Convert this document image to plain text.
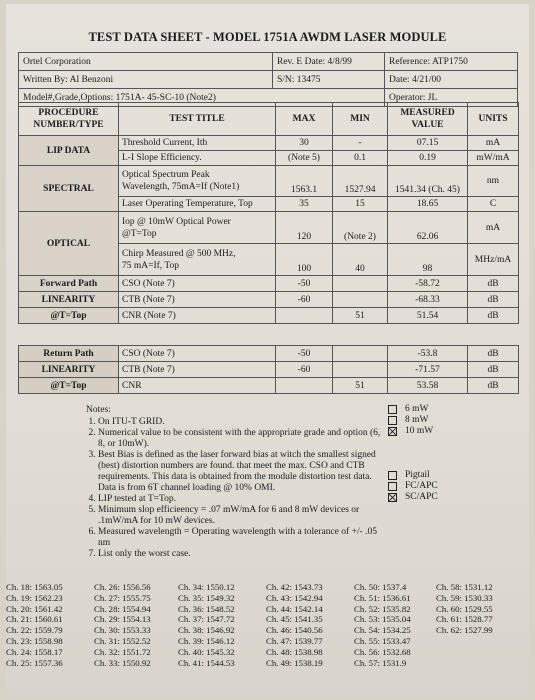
TEST DATA SHEET - MODEL 1751A AWDM LASER MODULE
Ortel Corporation	Rev. E Date: 4/8/99	Reference: ATP1750
Written By: Al Benzoni	S/N: 13475	Date: 4/21/00
Model#,Grade,Options: 1751A- 45-SC-10 (Note2)		Operator: JL
PROCEDURE NUMBER/TYPE	TEST TITLE	MAX	MIN	MEASURED VALUE	UNITS
LIP DATA	Threshold Current, Ith	30	-	07.15	mA
	L-I Slope Efficiency.	(Note 5)	0.1	0.19	mW/mA
SPECTRAL	Optical Spectrum Peak
Wavelength, 75mA=If (Note1)	1563.1	1527.94	1541.34 (Ch. 45)	nm
	Laser Operating Temperature, Top	35	15	18.65	C
OPTICAL	Iop @ 10mW Optical Power
@T=Top	120	(Note 2)	62.06	mA

	Chirp Measured @ 500 MHz,
75 mA=If, Top	100	40	98	MHz/mA
Forward Path	CSO (Note 7)	-50		-58.72	dB
LINEARITY	CTB (Note 7)	-60		-68.33	dB
@T=Top	CNR (Note 7)		51	51.54	dB
Return Path	CSO (Note 7)	-50		-53.8	dB
LINEARITY	CTB (Note 7)	-60		-71.57	dB
@T=Top	CNR		51	53.58	dB
Notes:
1. On ITU-T GRID.
2. Numerical value to be consistent with the appropriate grade and option (6, 8, or 10mW).
3. Best Bias is defined as the laser forward bias at witch the smallest signed (best) distortion numbers are found. that meet the max. CSO and CTB requirements. This data is obtained from the module distortion test data. Data is from 6T channel loading @ 10% OMI.
4. LIP tested at T=Top.
5. Minimum slop efficieency = .07 mW/mA for 6 and 8 mW devices or .1mW/mA for 10 mW devices.
6. Measured wavelength = Operating wavelength with a tolerance of +/- .05 nm
7. List only the worst case.
6 mW
8 mW
10 mW
Pigtail
FC/APC
SC/APC
Ch. 18: 1563.05
Ch. 19: 1562.23
Ch. 20: 1561.42
Ch. 21: 1560.61
Ch. 22: 1559.79
Ch. 23: 1558.98
Ch. 24: 1558.17
Ch. 25: 1557.36
Ch. 26: 1556.56
Ch. 27: 1555.75
Ch. 28: 1554.94
Ch. 29: 1554.13
Ch. 30: 1553.33
Ch. 31: 1552.52
Ch. 32: 1551.72
Ch. 33: 1550.92
Ch. 34: 1550.12
Ch. 35: 1549.32
Ch. 36: 1548.52
Ch. 37: 1547.72
Ch. 38: 1546.92
Ch. 39: 1546.12
Ch. 40: 1545.32
Ch. 41: 1544.53
Ch. 42: 1543.73
Ch. 43: 1542.94
Ch. 44: 1542.14
Ch. 45: 1541.35
Ch. 46: 1540.56
Ch. 47: 1539.77
Ch. 48: 1538.98
Ch. 49: 1538.19
Ch. 50: 1537.4
Ch. 51: 1536.61
Ch. 52: 1535.82
Ch. 53: 1535.04
Ch. 54: 1534.25
Ch. 55: 1533.47
Ch. 56: 1532.68
Ch. 57: 1531.9
Ch. 58: 1531.12
Ch. 59: 1530.33
Ch. 60: 1529.55
Ch. 61: 1528.77
Ch. 62: 1527.99
